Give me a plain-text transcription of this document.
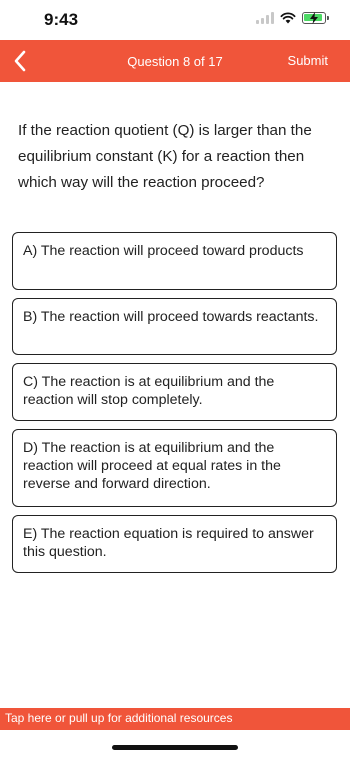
9:43
Question 8 of 17	Submit
If the reaction quotient (Q) is larger than the equilibrium constant (K) for a reaction then which way will the reaction proceed?
A) The reaction will proceed toward products
B) The reaction will proceed towards reactants.
C) The reaction is at equilibrium and the reaction will stop completely.
D) The reaction is at equilibrium and the reaction will proceed at equal rates in the reverse and forward direction.
E) The reaction equation is required to answer this question.
Tap here or pull up for additional resources
